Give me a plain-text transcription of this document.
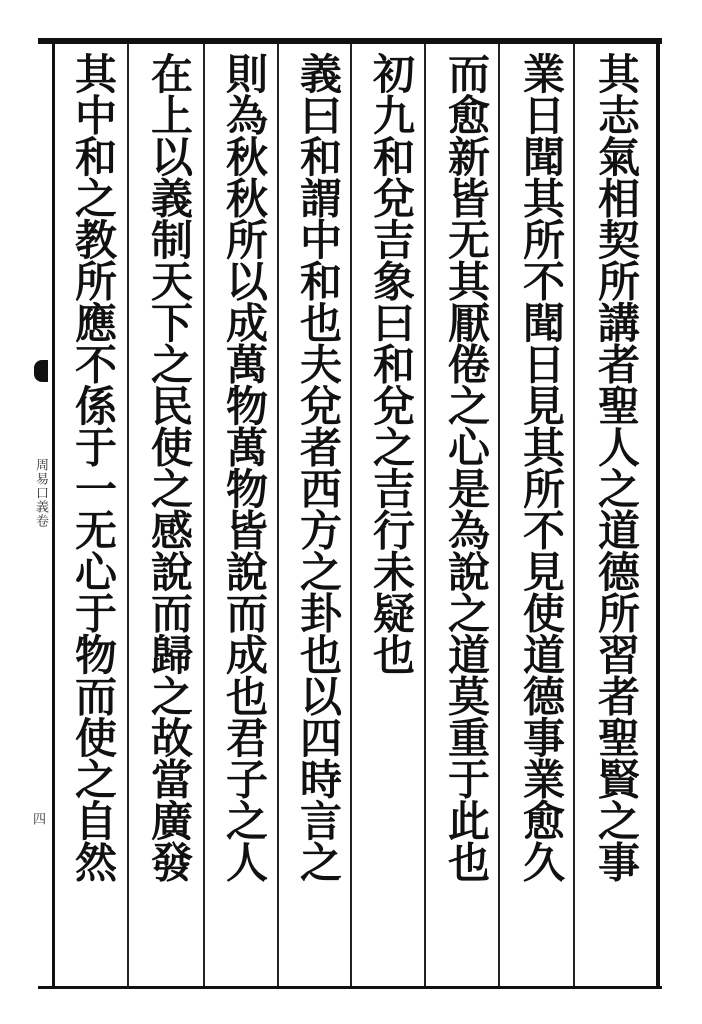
周易口義卷
四	其志氣相契所講者聖人之道德所習者聖賢之事
業日聞其所不聞日見其所不見使道德事業愈久
而愈新皆无其厭倦之心是為說之道莫重于此也
初九和兌吉象曰和兌之吉行未疑也
義曰和謂中和也夫兌者西方之卦也以四時言之
則為秋秋所以成萬物萬物皆說而成也君子之人
在上以義制天下之民使之感說而歸之故當廣發
其中和之教所應不係于一无心于物而使之自然
